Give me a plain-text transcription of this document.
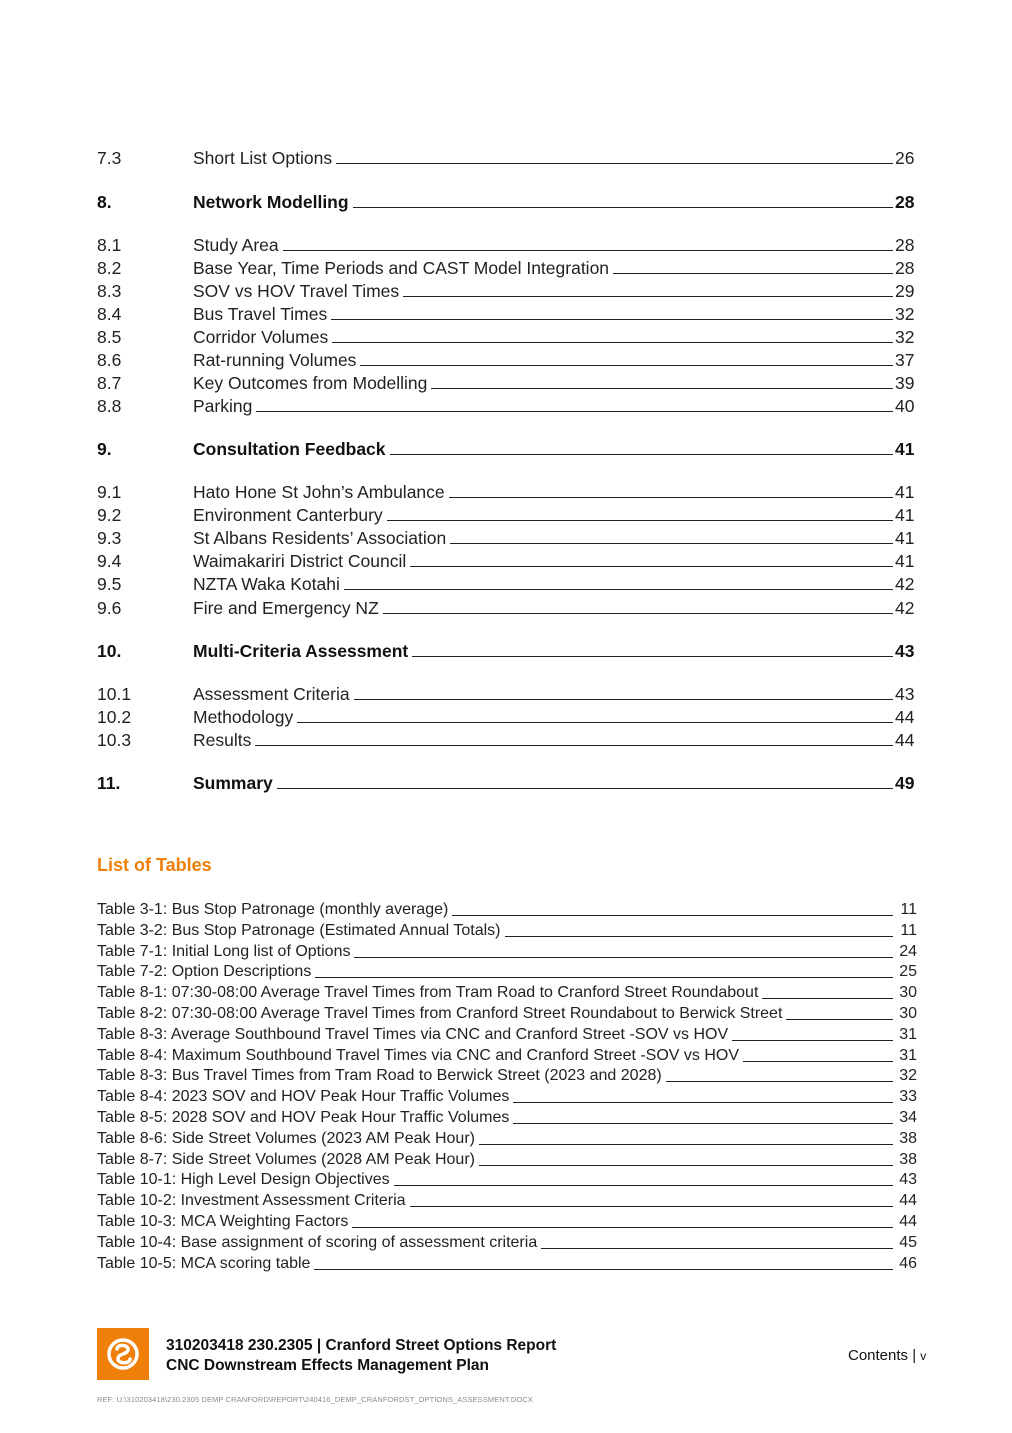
7.3	Short List Options	26
8.	Network Modelling	28
8.1	Study Area	28
8.2	Base Year, Time Periods and CAST Model Integration	28
8.3	SOV vs HOV Travel Times	29
8.4	Bus Travel Times	32
8.5	Corridor Volumes	32
8.6	Rat-running Volumes	37
8.7	Key Outcomes from Modelling	39
8.8	Parking	40
9.	Consultation Feedback	41
9.1	Hato Hone St John’s Ambulance	41
9.2	Environment Canterbury	41
9.3	St Albans Residents’ Association	41
9.4	Waimakariri District Council	41
9.5	NZTA Waka Kotahi	42
9.6	Fire and Emergency NZ	42
10.	Multi-Criteria Assessment	43
10.1	Assessment Criteria	43
10.2	Methodology	44
10.3	Results	44
11.	Summary	49
List of Tables
Table 3-1: Bus Stop Patronage (monthly average)	11
Table 3-2: Bus Stop Patronage (Estimated Annual Totals)	11
Table 7-1: Initial Long list of Options	24
Table 7-2: Option Descriptions	25
Table 8-1: 07:30-08:00 Average Travel Times from Tram Road to Cranford Street Roundabout	30
Table 8-2: 07:30-08:00 Average Travel Times from Cranford Street Roundabout to Berwick Street	30
Table 8-3: Average Southbound Travel Times via CNC and Cranford Street -SOV vs HOV	31
Table 8-4: Maximum Southbound Travel Times via CNC and Cranford Street -SOV vs HOV	31
Table 8-3: Bus Travel Times from Tram Road to Berwick Street (2023 and 2028)	32
Table 8-4: 2023 SOV and HOV Peak Hour Traffic Volumes	33
Table 8-5: 2028 SOV and HOV Peak Hour Traffic Volumes	34
Table 8-6: Side Street Volumes (2023 AM Peak Hour)	38
Table 8-7: Side Street Volumes (2028 AM Peak Hour)	38
Table 10-1: High Level Design Objectives	43
Table 10-2: Investment Assessment Criteria	44
Table 10-3: MCA Weighting Factors	44
Table 10-4: Base assignment of scoring of assessment criteria	45
Table 10-5: MCA scoring table	46
310203418 230.2305 | Cranford Street Options Report
CNC Downstream Effects Management Plan
Contents | v
REF: U:\310203418\230.2305 DEMP CRANFORD\REPORT\240416_DEMP_CRANFORDST_OPTIONS_ASSESSMENT.DOCX
